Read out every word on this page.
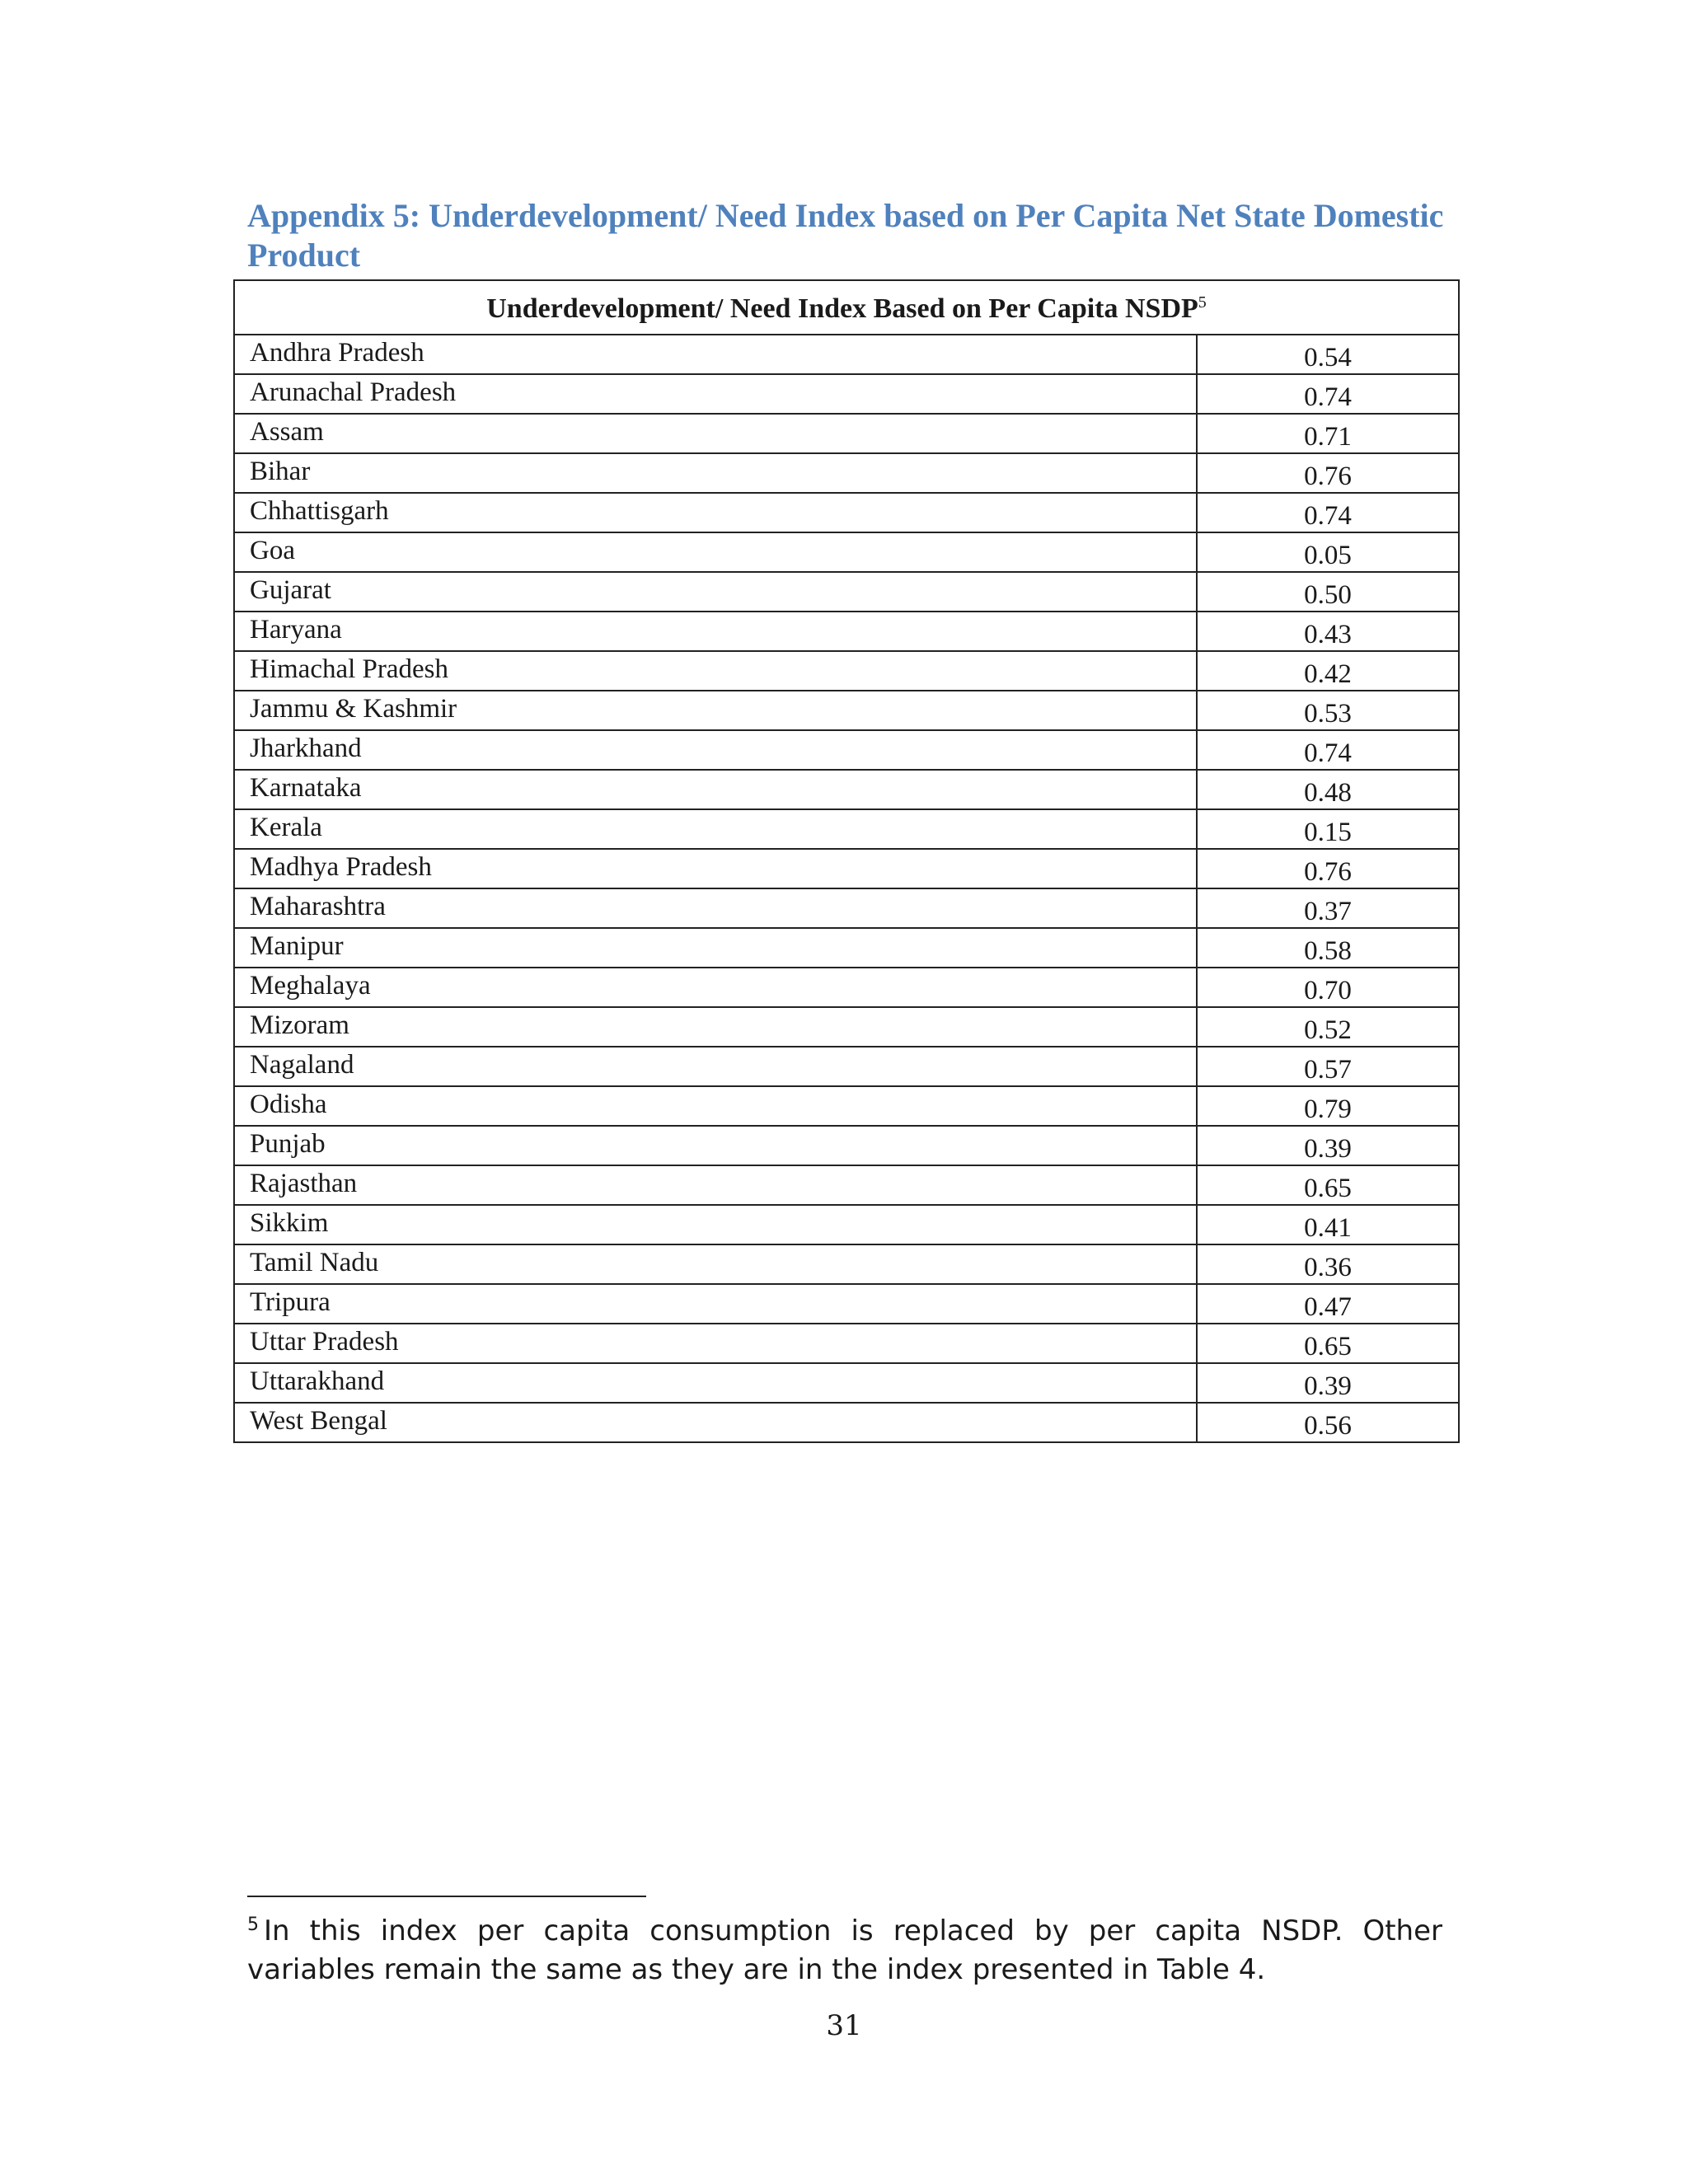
Appendix 5: Underdevelopment/ Need Index based on Per Capita Net State Domestic Product
Underdevelopment/ Need Index Based on Per Capita NSDP$^5$
Andhra Pradesh	0.54
Arunachal Pradesh	0.74
Assam	0.71
Bihar	0.76
Chhattisgarh	0.74
Goa	0.05
Gujarat	0.50
Haryana	0.43
Himachal Pradesh	0.42
Jammu & Kashmir	0.53
Jharkhand	0.74
Karnataka	0.48
Kerala	0.15
Madhya Pradesh	0.76
Maharashtra	0.37
Manipur	0.58
Meghalaya	0.70
Mizoram	0.52
Nagaland	0.57
Odisha	0.79
Punjab	0.39
Rajasthan	0.65
Sikkim	0.41
Tamil Nadu	0.36
Tripura	0.47
Uttar Pradesh	0.65
Uttarakhand	0.39
West Bengal	0.56

$^5$ In this index per capita consumption is replaced by per capita NSDP. Other variables remain the same as they are in the index presented in Table 4.

31
